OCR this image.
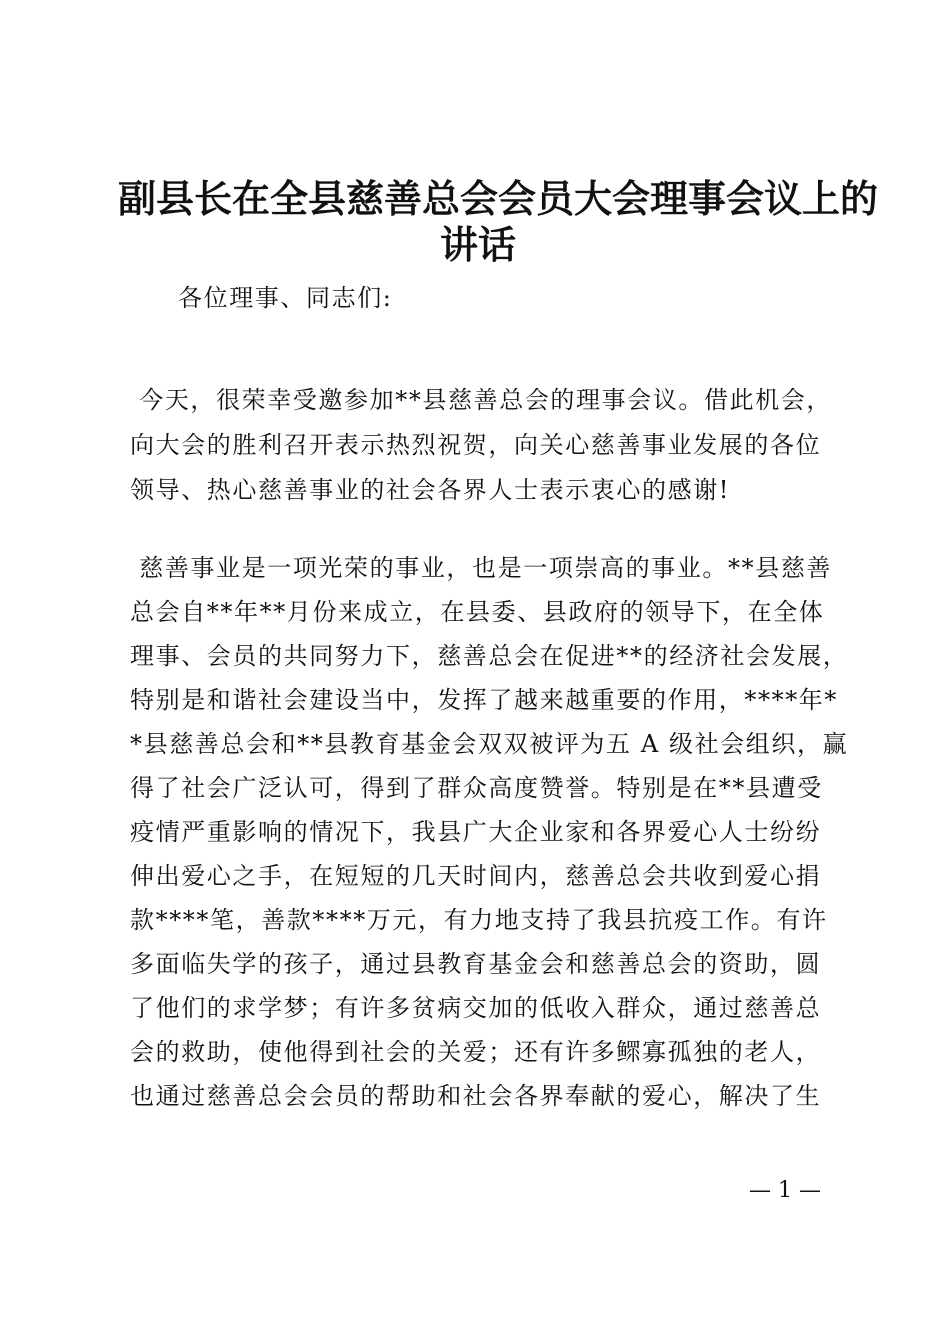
副县长在全县慈善总会会员大会理事会议上的
讲话
各位理事、同志们:
今天，很荣幸受邀参加**县慈善总会的理事会议。借此机会，
向大会的胜利召开表示热烈祝贺，向关心慈善事业发展的各位
领导、热心慈善事业的社会各界人士表示衷心的感谢!
慈善事业是一项光荣的事业，也是一项崇高的事业。**县慈善
总会自**年**月份来成立，在县委、县政府的领导下，在全体
理事、会员的共同努力下，慈善总会在促进**的经济社会发展，
特别是和谐社会建设当中，发挥了越来越重要的作用，****年*
*县慈善总会和**县教育基金会双双被评为五 A 级社会组织，赢
得了社会广泛认可，得到了群众高度赞誉。特别是在**县遭受
疫情严重影响的情况下，我县广大企业家和各界爱心人士纷纷
伸出爱心之手，在短短的几天时间内，慈善总会共收到爱心捐
款****笔，善款****万元，有力地支持了我县抗疫工作。有许
多面临失学的孩子，通过县教育基金会和慈善总会的资助，圆
了他们的求学梦；有许多贫病交加的低收入群众，通过慈善总
会的救助，使他得到社会的关爱；还有许多鳏寡孤独的老人，
也通过慈善总会会员的帮助和社会各界奉献的爱心，解决了生
— 1 —
